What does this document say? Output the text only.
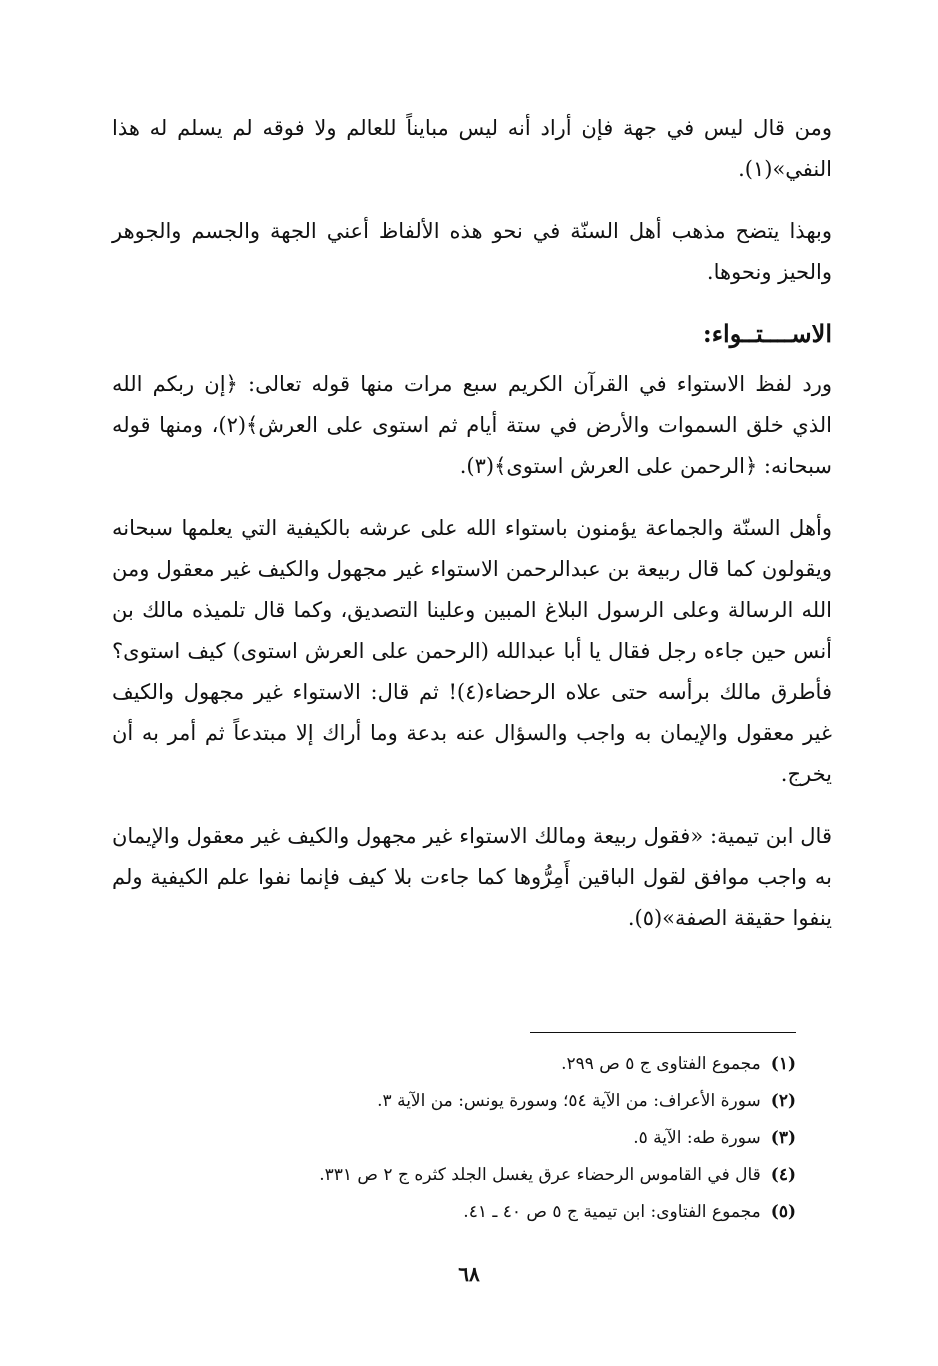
ومن قال ليس في جهة فإن أراد أنه ليس مبايناً للعالم ولا فوقه لم يسلم له هذا النفي»(١).

وبهذا يتضح مذهب أهل السنّة في نحو هذه الألفاظ أعني الجهة والجسم والجوهر والحيز ونحوها.

الاســــتــواء:

ورد لفظ الاستواء في القرآن الكريم سبع مرات منها قوله تعالى: ﴿إن ربكم الله الذي خلق السموات والأرض في ستة أيام ثم استوى على العرش﴾(٢)، ومنها قوله سبحانه: ﴿الرحمن على العرش استوى﴾(٣).

وأهل السنّة والجماعة يؤمنون باستواء الله على عرشه بالكيفية التي يعلمها سبحانه ويقولون كما قال ربيعة بن عبدالرحمن الاستواء غير مجهول والكيف غير معقول ومن الله الرسالة وعلى الرسول البلاغ المبين وعلينا التصديق، وكما قال تلميذه مالك بن أنس حين جاءه رجل فقال يا أبا عبدالله (الرحمن على العرش استوى) كيف استوى؟ فأطرق مالك برأسه حتى علاه الرحضاء(٤)! ثم قال: الاستواء غير مجهول والكيف غير معقول والإيمان به واجب والسؤال عنه بدعة وما أراك إلا مبتدعاً ثم أمر به أن يخرج.

قال ابن تيمية: «فقول ربيعة ومالك الاستواء غير مجهول والكيف غير معقول والإيمان به واجب موافق لقول الباقين أَمِرُّوها كما جاءت بلا كيف فإنما نفوا علم الكيفية ولم ينفوا حقيقة الصفة»(٥).

(١)مجموع الفتاوى ج ٥ ص ٢٩٩.
(٢)سورة الأعراف: من الآية ٥٤؛ وسورة يونس: من الآية ٣.
(٣)سورة طه: الآية ٥.
(٤)قال في القاموس الرحضاء عرق يغسل الجلد كثره ج ٢ ص ٣٣١.
(٥)مجموع الفتاوى: ابن تيمية ج ٥ ص ٤٠ ـ ٤١.
٦٨
